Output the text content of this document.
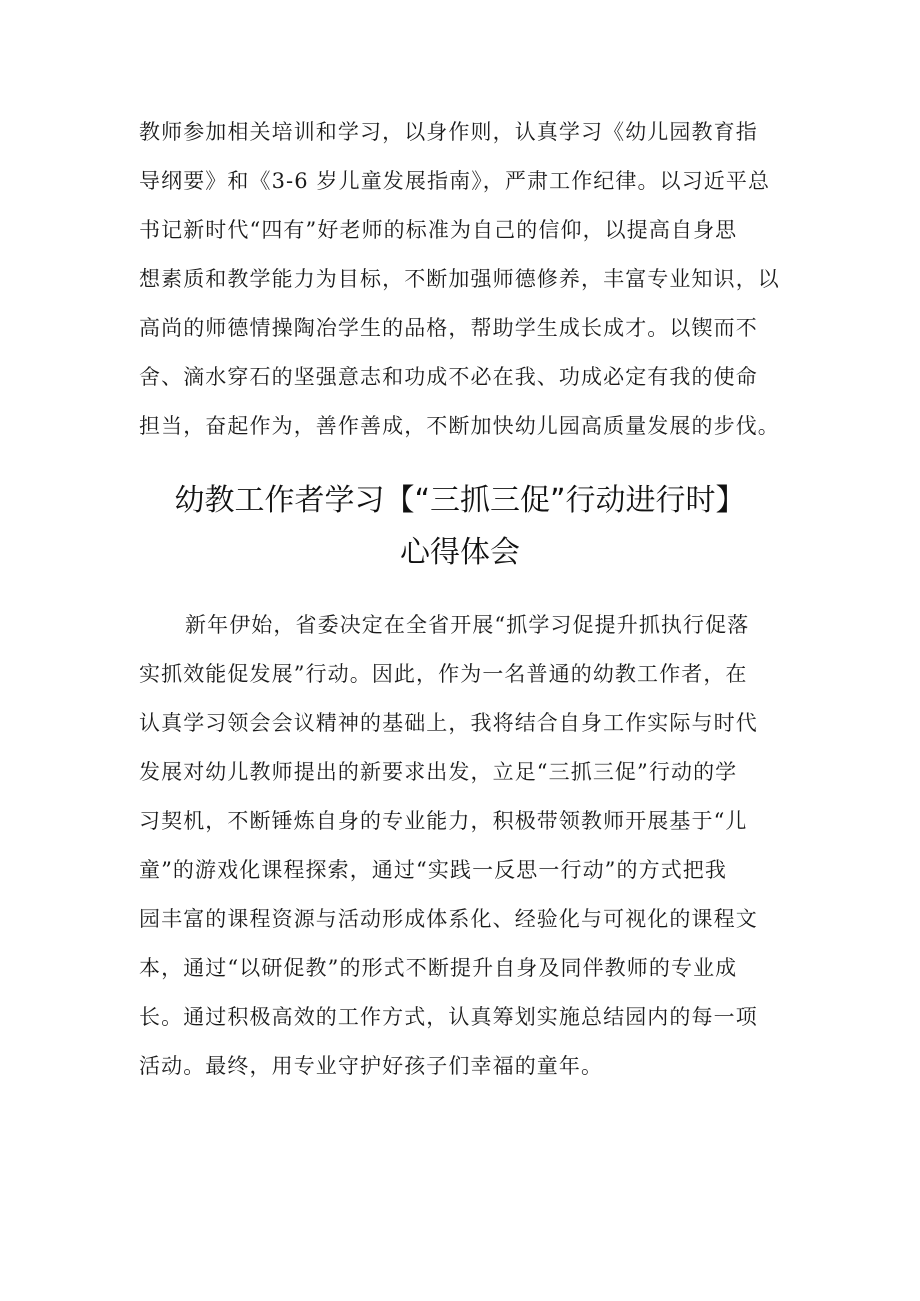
教师参加相关培训和学习，以身作则，认真学习《幼儿园教育指
导纲要》和《3-6 岁儿童发展指南》，严肃工作纪律。以习近平总
书记新时代“四有”好老师的标准为自己的信仰，以提高自身思
想素质和教学能力为目标，不断加强师德修养，丰富专业知识，以
高尚的师德情操陶冶学生的品格，帮助学生成长成才。以锲而不
舍、滴水穿石的坚强意志和功成不必在我、功成必定有我的使命
担当，奋起作为，善作善成，不断加快幼儿园高质量发展的步伐。
幼教工作者学习【“三抓三促”行动进行时】
心得体会
新年伊始，省委决定在全省开展“抓学习促提升抓执行促落
实抓效能促发展”行动。因此，作为一名普通的幼教工作者，在
认真学习领会会议精神的基础上，我将结合自身工作实际与时代
发展对幼儿教师提出的新要求出发，立足“三抓三促”行动的学
习契机，不断锤炼自身的专业能力，积极带领教师开展基于“儿
童”的游戏化课程探索，通过“实践一反思一行动”的方式把我
园丰富的课程资源与活动形成体系化、经验化与可视化的课程文
本，通过“以研促教”的形式不断提升自身及同伴教师的专业成
长。通过积极高效的工作方式，认真筹划实施总结园内的每一项
活动。最终，用专业守护好孩子们幸福的童年。
